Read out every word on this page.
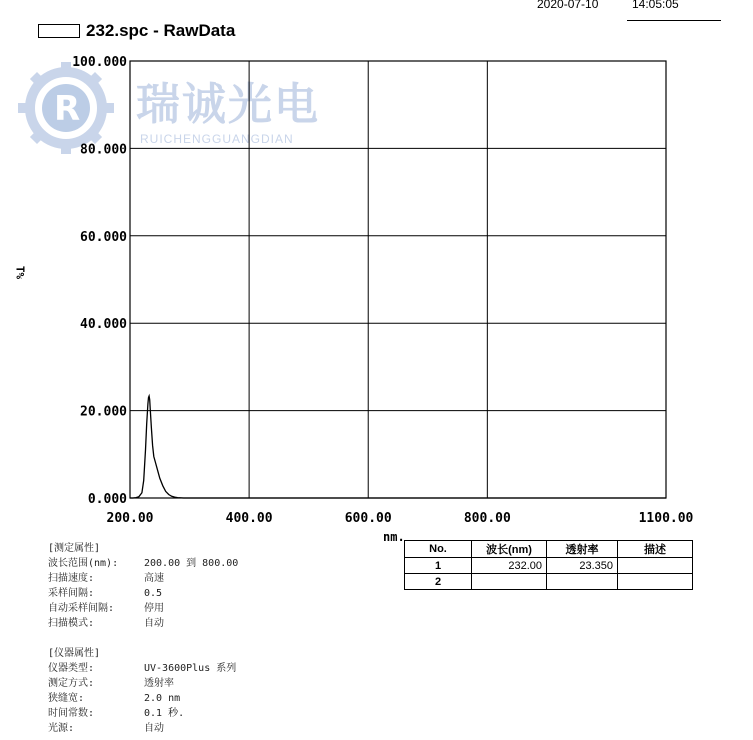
R 瑞诚光电
RUICHENGGUANGDIAN
2020-07-10	14:05:05
232.spc - RawData
T%
0.000
20.000
40.000
60.000
80.000
100.000
200.00	400.00	600.00	800.00	1100.00
nm.
[测定属性]
波长范围(nm):	200.00 到 800.00
扫描速度:	高速
采样间隔:	0.5
自动采样间隔:	停用
扫描模式:	自动
[仪器属性]
仪器类型:	UV-3600Plus 系列
测定方式:	透射率
狭缝宽:	2.0 nm
时间常数:	0.1 秒.
光源:	自动
No.	波长(nm)	透射率	描述
1	232.00	23.350	
2			
